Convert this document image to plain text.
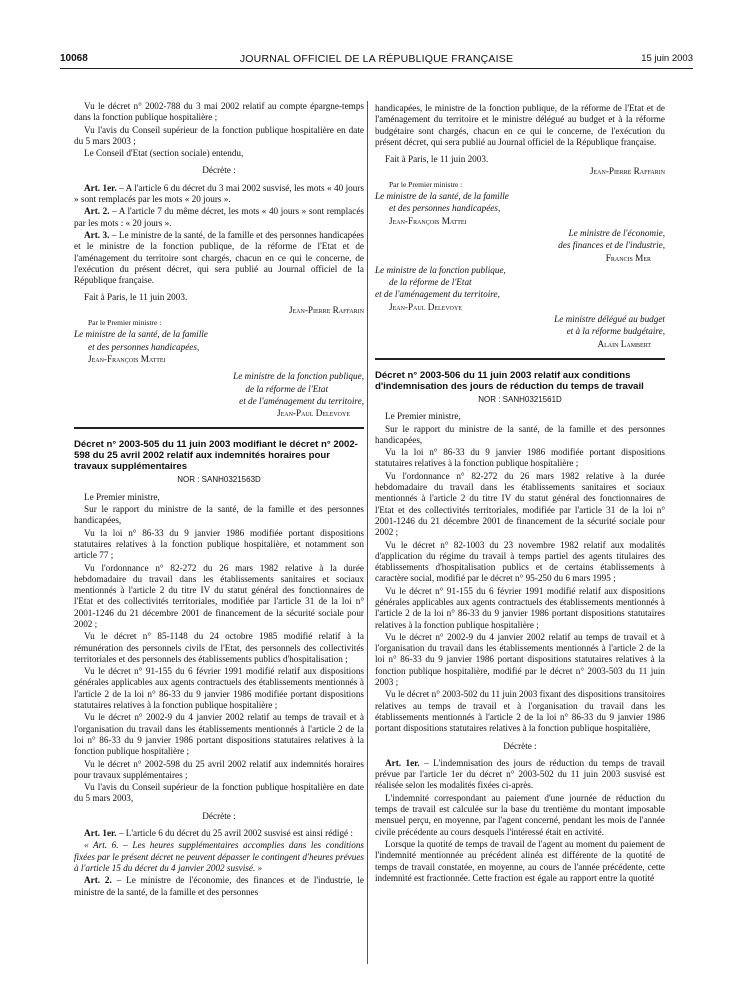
10068	JOURNAL OFFICIEL DE LA RÉPUBLIQUE FRANÇAISE	15 juin 2003

Vu le décret n° 2002-788 du 3 mai 2002 relatif au compte épargne-temps dans la fonction publique hospitalière ;

Vu l'avis du Conseil supérieur de la fonction publique hospitalière en date du 5 mars 2003 ;

Le Conseil d'Etat (section sociale) entendu,

Décrète :

Art. 1er. – A l'article 6 du décret du 3 mai 2002 susvisé, les mots « 40 jours » sont remplacés par les mots « 20 jours ».

Art. 2. – A l'article 7 du même décret, les mots « 40 jours » sont remplacés par les mots : « 20 jours ».

Art. 3. – Le ministre de la santé, de la famille et des personnes handicapées et le ministre de la fonction publique, de la réforme de l'Etat et de l'aménagement du territoire sont chargés, chacun en ce qui le concerne, de l'exécution du présent décret, qui sera publié au Journal officiel de la République française.

Fait à Paris, le 11 juin 2003.

Jean-Pierre Raffarin

Par le Premier ministre :

Le ministre de la santé, de la famille

et des personnes handicapées,

Jean-François Mattei

Le ministre de la fonction publique,

de la réforme de l'Etat

et de l'aménagement du territoire,

Jean-Paul Delevoye

Décret n° 2003-505 du 11 juin 2003 modifiant le décret n° 2002-598 du 25 avril 2002 relatif aux indemnités horaires pour travaux supplémentaires

NOR : SANH0321563D

Le Premier ministre,

Sur le rapport du ministre de la santé, de la famille et des personnes handicapées,

Vu la loi n° 86-33 du 9 janvier 1986 modifiée portant dispositions statutaires relatives à la fonction publique hospitalière, et notamment son article 77 ;

Vu l'ordonnance n° 82-272 du 26 mars 1982 relative à la durée hebdomadaire du travail dans les établissements sanitaires et sociaux mentionnés à l'article 2 du titre IV du statut général des fonctionnaires de l'Etat et des collectivités territoriales, modifiée par l'article 31 de la loi n° 2001-1246 du 21 décembre 2001 de financement de la sécurité sociale pour 2002 ;

Vu le décret n° 85-1148 du 24 octobre 1985 modifié relatif à la rémunération des personnels civils de l'Etat, des personnels des collectivités territoriales et des personnels des établissements publics d'hospitalisation ;

Vu le décret n° 91-155 du 6 février 1991 modifié relatif aux dispositions générales applicables aux agents contractuels des établissements mentionnés à l'article 2 de la loi n° 86-33 du 9 janvier 1986 modifiée portant dispositions statutaires relatives à la fonction publique hospitalière ;

Vu le décret n° 2002-9 du 4 janvier 2002 relatif au temps de travail et à l'organisation du travail dans les établissements mentionnés à l'article 2 de la loi n° 86-33 du 9 janvier 1986 portant dispositions statutaires relatives à la fonction publique hospitalière ;

Vu le décret n° 2002-598 du 25 avril 2002 relatif aux indemnités horaires pour travaux supplémentaires ;

Vu l'avis du Conseil supérieur de la fonction publique hospitalière en date du 5 mars 2003,

Décrète :

Art. 1er. – L'article 6 du décret du 25 avril 2002 susvisé est ainsi rédigé :

« Art. 6. – Les heures supplémentaires accomplies dans les conditions fixées par le présent décret ne peuvent dépasser le contingent d'heures prévues à l'article 15 du décret du 4 janvier 2002 susvisé. »

Art. 2. – Le ministre de l'économie, des finances et de l'industrie, le ministre de la santé, de la famille et des personnes

handicapées, le ministre de la fonction publique, de la réforme de l'Etat et de l'aménagement du territoire et le ministre délégué au budget et à la réforme budgétaire sont chargés, chacun en ce qui le concerne, de l'exécution du présent décret, qui sera publié au Journal officiel de la République française.

Fait à Paris, le 11 juin 2003.

Jean-Pierre Raffarin

Par le Premier ministre :

Le ministre de la santé, de la famille

et des personnes handicapées,

Jean-François Mattei

Le ministre de l'économie,

des finances et de l'industrie,

Francis Mer

Le ministre de la fonction publique,

de la réforme de l'Etat

et de l'aménagement du territoire,

Jean-Paul Delevoye

Le ministre délégué au budget

et à la réforme budgétaire,

Alain Lambert

Décret n° 2003-506 du 11 juin 2003 relatif aux conditions d'indemnisation des jours de réduction du temps de travail

NOR : SANH0321561D

Le Premier ministre,

Sur le rapport du ministre de la santé, de la famille et des personnes handicapées,

Vu la loi n° 86-33 du 9 janvier 1986 modifiée portant dispositions statutaires relatives à la fonction publique hospitalière ;

Vu l'ordonnance n° 82-272 du 26 mars 1982 relative à la durée hebdomadaire du travail dans les établissements sanitaires et sociaux mentionnés à l'article 2 du titre IV du statut général des fonctionnaires de l'Etat et des collectivités territoriales, modifiée par l'article 31 de la loi n° 2001-1246 du 21 décembre 2001 de financement de la sécurité sociale pour 2002 ;

Vu le décret n° 82-1003 du 23 novembre 1982 relatif aux modalités d'application du régime du travail à temps partiel des agents titulaires des établissements d'hospitalisation publics et de certains établissements à caractère social, modifié par le décret n° 95-250 du 6 mars 1995 ;

Vu le décret n° 91-155 du 6 février 1991 modifié relatif aux dispositions générales applicables aux agents contractuels des établissements mentionnés à l'article 2 de la loi n° 86-33 du 9 janvier 1986 portant dispositions statutaires relatives à la fonction publique hospitalière ;

Vu le décret n° 2002-9 du 4 janvier 2002 relatif au temps de travail et à l'organisation du travail dans les établissements mentionnés à l'article 2 de la loi n° 86-33 du 9 janvier 1986 portant dispositions statutaires relatives à la fonction publique hospitalière, modifié par le décret n° 2003-503 du 11 juin 2003 ;

Vu le décret n° 2003-502 du 11 juin 2003 fixant des dispositions transitoires relatives au temps de travail et à l'organisation du travail dans les établissements mentionnés à l'article 2 de la loi n° 86-33 du 9 janvier 1986 portant dispositions statutaires relatives à la fonction publique hospitalière,

Décrète :

Art. 1er. – L'indemnisation des jours de réduction du temps de travail prévue par l'article 1er du décret n° 2003-502 du 11 juin 2003 susvisé est réalisée selon les modalités fixées ci-après.

L'indemnité correspondant au paiement d'une journée de réduction du temps de travail est calculée sur la base du trentième du montant imposable mensuel perçu, en moyenne, par l'agent concerné, pendant les mois de l'année civile précédente au cours desquels l'intéressé était en activité.

Lorsque la quotité de temps de travail de l'agent au moment du paiement de l'indemnité mentionnée au précédent alinéa est différente de la quotité de temps de travail constatée, en moyenne, au cours de l'année précédente, cette indemnité est fractionnée. Cette fraction est égale au rapport entre la quotité
